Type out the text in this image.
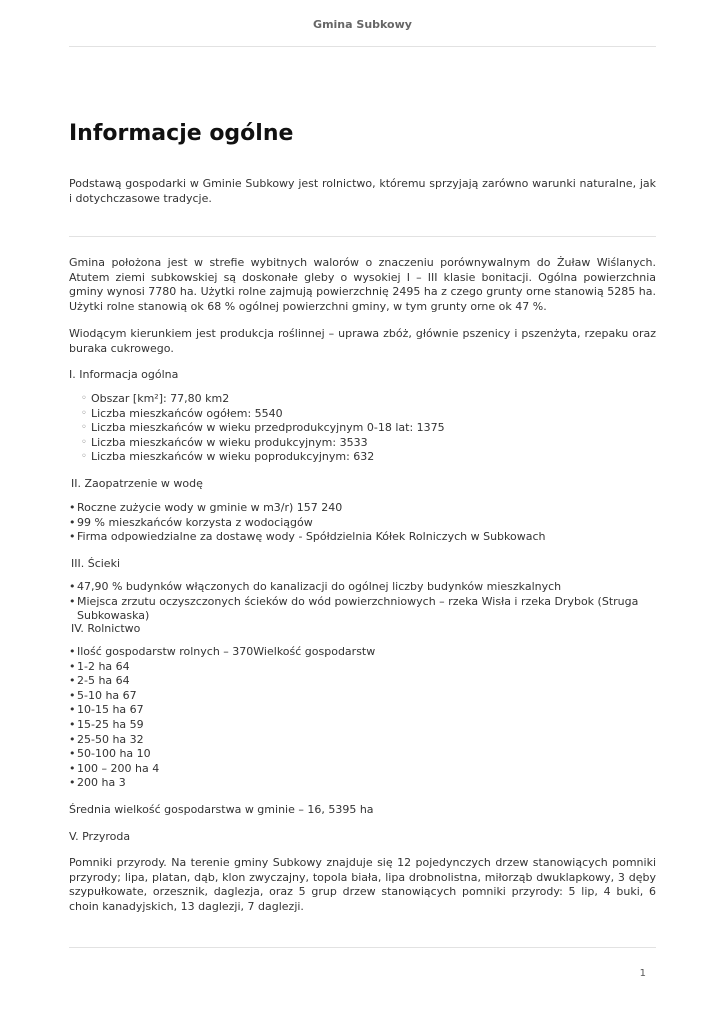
Gmina Subkowy
Informacje ogólne

Podstawą gospodarki w Gminie Subkowy jest rolnictwo, któremu sprzyjają zarówno warunki naturalne, jak i dotychczasowe tradycje.

Gmina położona jest w strefie wybitnych walorów o znaczeniu porównywalnym do Żuław Wiślanych. Atutem ziemi subkowskiej są doskonałe gleby o wysokiej I – III klasie bonitacji. Ogólna powierzchnia gminy wynosi 7780 ha. Użytki rolne zajmują powierzchnię 2495 ha z czego grunty orne stanowią 5285 ha. Użytki rolne stanowią ok 68 % ogólnej powierzchni gminy, w tym grunty orne ok 47 %.

Wiodącym kierunkiem jest produkcja roślinnej – uprawa zbóż, głównie pszenicy i pszenżyta, rzepaku oraz buraka cukrowego.

I. Informacja ogólna

◦ Obszar [km²]: 77,80 km2
◦ Liczba mieszkańców ogółem: 5540
◦ Liczba mieszkańców w wieku przedprodukcyjnym 0-18 lat: 1375
◦ Liczba mieszkańców w wieku produkcyjnym: 3533
◦ Liczba mieszkańców w wieku poprodukcyjnym: 632

II. Zaopatrzenie w wodę

• Roczne zużycie wody w gminie w m3/r) 157 240
• 99 % mieszkańców korzysta z wodociągów
• Firma odpowiedzialne za dostawę wody - Spółdzielnia Kółek Rolniczych w Subkowach

III. Ścieki

• 47,90 % budynków włączonych do kanalizacji do ogólnej liczby budynków mieszkalnych
• Miejsca zrzutu oczyszczonych ścieków do wód powierzchniowych – rzeka Wisła i rzeka Drybok (Struga Subkowaska)

IV. Rolnictwo

• Ilość gospodarstw rolnych – 370Wielkość gospodarstw
• 1-2 ha 64
• 2-5 ha 64
• 5-10 ha 67
• 10-15 ha 67
• 15-25 ha 59
• 25-50 ha 32
• 50-100 ha 10
• 100 – 200 ha 4
• 200 ha 3

Średnia wielkość gospodarstwa w gminie – 16, 5395 ha

V. Przyroda

Pomniki przyrody. Na terenie gminy Subkowy znajduje się 12 pojedynczych drzew stanowiących pomniki przyrody; lipa, platan, dąb, klon zwyczajny, topola biała, lipa drobnolistna, miłorząb dwuklapkowy, 3 dęby szypułkowate, orzesznik, daglezja, oraz 5 grup drzew stanowiących pomniki przyrody: 5 lip, 4 buki, 6 choin kanadyjskich, 13 daglezji, 7 daglezji.

1
